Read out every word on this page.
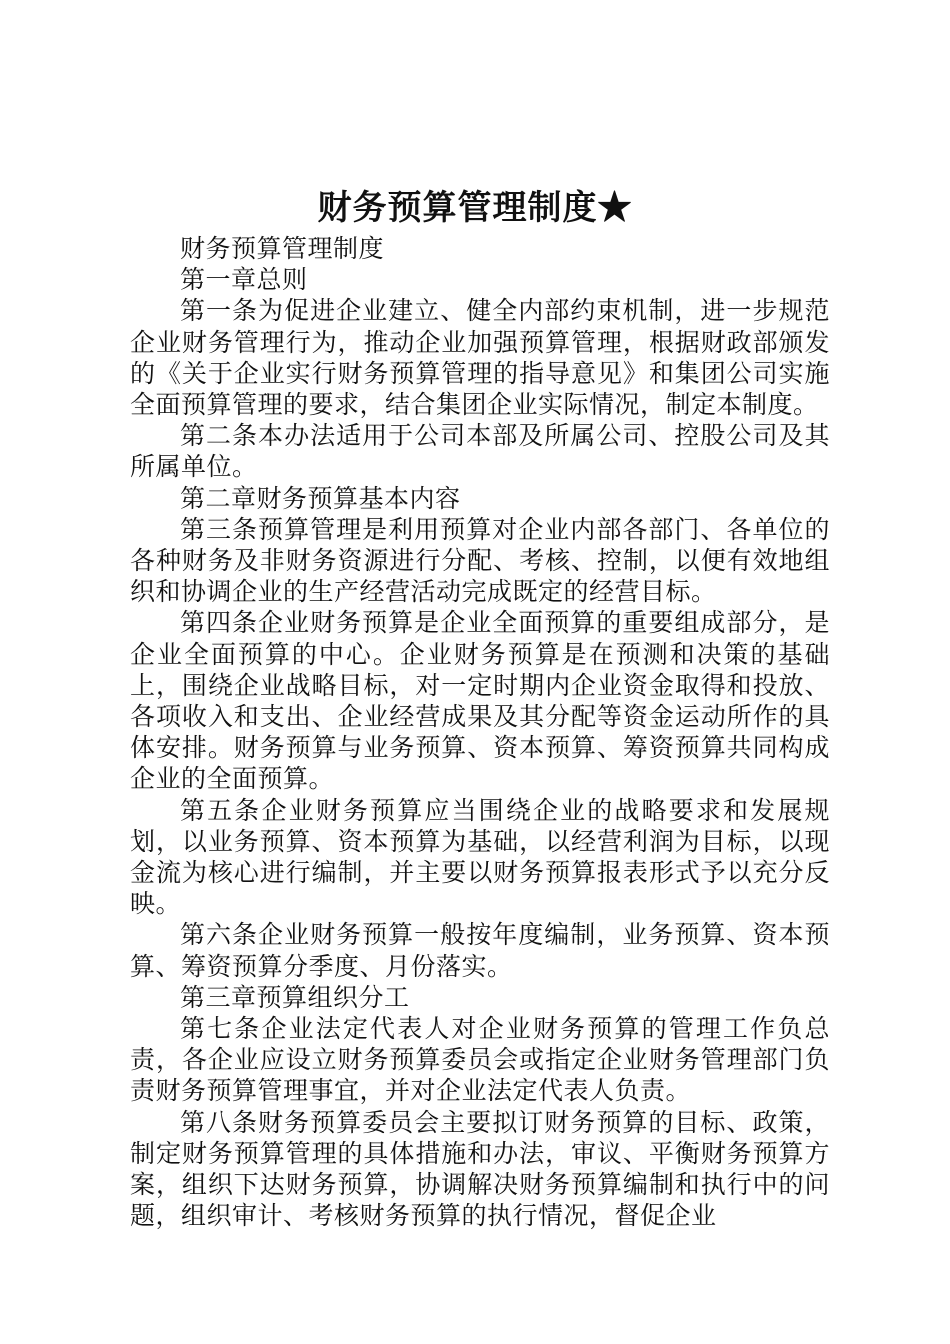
财务预算管理制度★

财务预算管理制度

第一章总则

第一条为促进企业建立、健全内部约束机制，进一步规范企业财务管理行为，推动企业加强预算管理，根据财政部颁发的《关于企业实行财务预算管理的指导意见》和集团公司实施全面预算管理的要求，结合集团企业实际情况，制定本制度。

第二条本办法适用于公司本部及所属公司、控股公司及其所属单位。

第二章财务预算基本内容

第三条预算管理是利用预算对企业内部各部门、各单位的各种财务及非财务资源进行分配、考核、控制，以便有效地组织和协调企业的生产经营活动完成既定的经营目标。

第四条企业财务预算是企业全面预算的重要组成部分，是企业全面预算的中心。企业财务预算是在预测和决策的基础上，围绕企业战略目标，对一定时期内企业资金取得和投放、各项收入和支出、企业经营成果及其分配等资金运动所作的具体安排。财务预算与业务预算、资本预算、筹资预算共同构成企业的全面预算。

第五条企业财务预算应当围绕企业的战略要求和发展规划，以业务预算、资本预算为基础，以经营利润为目标，以现金流为核心进行编制，并主要以财务预算报表形式予以充分反映。

第六条企业财务预算一般按年度编制，业务预算、资本预算、筹资预算分季度、月份落实。

第三章预算组织分工

第七条企业法定代表人对企业财务预算的管理工作负总责，各企业应设立财务预算委员会或指定企业财务管理部门负责财务预算管理事宜，并对企业法定代表人负责。

第八条财务预算委员会主要拟订财务预算的目标、政策，制定财务预算管理的具体措施和办法，审议、平衡财务预算方案，组织下达财务预算，协调解决财务预算编制和执行中的问题，组织审计、考核财务预算的执行情况，督促企业
